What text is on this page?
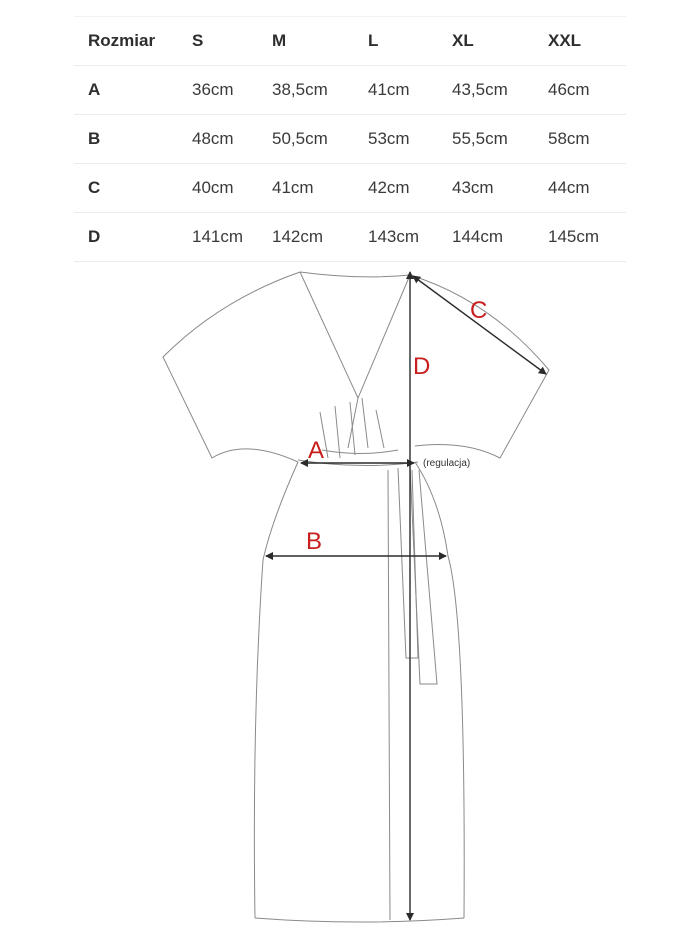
Rozmiar S	M	L	XL	XXL
A	36cm 38,5cm 41cm 43,5cm 46cm
B	48cm 50,5cm 53cm 55,5cm 58cm
C	40cm 41cm	42cm 43cm	44cm
D	141cm 142cm	143cm 144cm	145cm
A
B
C
D
(regulacja)
